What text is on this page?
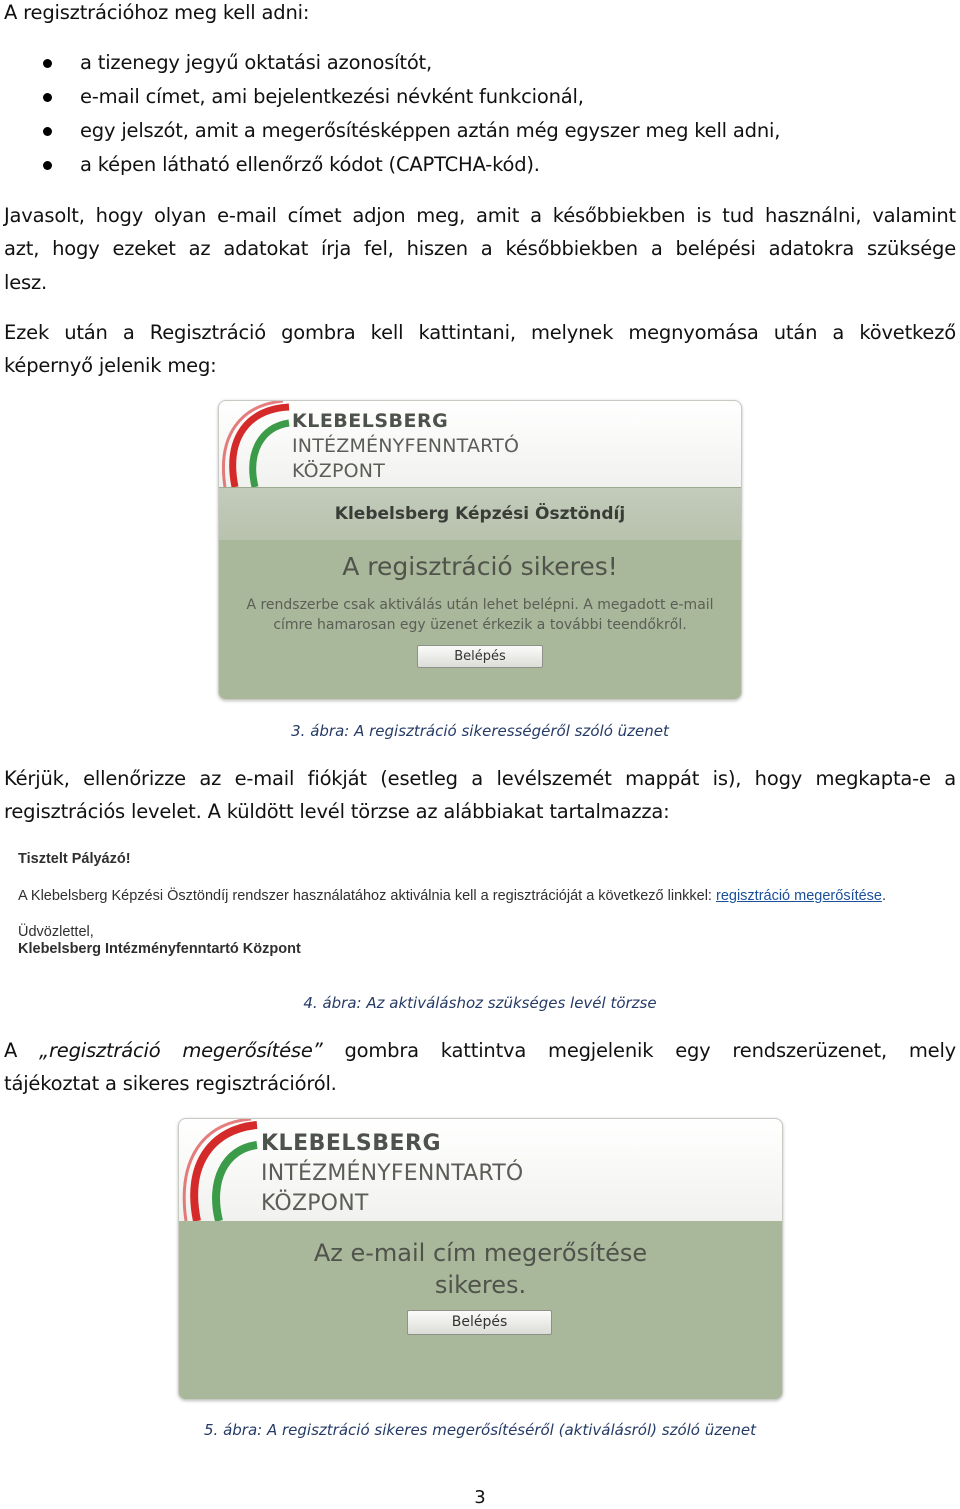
A regisztrációhoz meg kell adni:
a tizenegy jegyű oktatási azonosítót,
e-mail címet, ami bejelentkezési névként funkcionál,
egy jelszót, amit a megerősítésképpen aztán még egyszer meg kell adni,
a képen látható ellenőrző kódot (CAPTCHA-kód).
Javasolt, hogy olyan e-mail címet adjon meg, amit a későbbiekben is tud használni, valamint
azt, hogy ezeket az adatokat írja fel, hiszen a későbbiekben a belépési adatokra szüksége
lesz.
Ezek után a Regisztráció gombra kell kattintani, melynek megnyomása után a következő
képernyő jelenik meg:
KLEBELSBERG
INTÉZMÉNYFENNTARTÓ
KÖZPONT
Klebelsberg Képzési Ösztöndíj
A regisztráció sikeres!
A rendszerbe csak aktiválás után lehet belépni. A megadott e-mail
címre hamarosan egy üzenet érkezik a további teendőkről.
Belépés
3. ábra: A regisztráció sikerességéről szóló üzenet
Kérjük, ellenőrizze az e-mail fiókját (esetleg a levélszemét mappát is), hogy megkapta-e a
regisztrációs levelet. A küldött levél törzse az alábbiakat tartalmazza:
Tisztelt Pályázó!
A Klebelsberg Képzési Ösztöndíj rendszer használatához aktiválnia kell a regisztrációját a következő linkkel: regisztráció megerősítése.
Üdvözlettel,
Klebelsberg Intézményfenntartó Központ
4. ábra: Az aktiváláshoz szükséges levél törzse
A „regisztráció megerősítése” gombra kattintva megjelenik egy rendszerüzenet, mely
tájékoztat a sikeres regisztrációról.
KLEBELSBERG
INTÉZMÉNYFENNTARTÓ
KÖZPONT
Az e-mail cím megerősítése
sikeres.
Belépés
5. ábra: A regisztráció sikeres megerősítéséről (aktiválásról) szóló üzenet
3
